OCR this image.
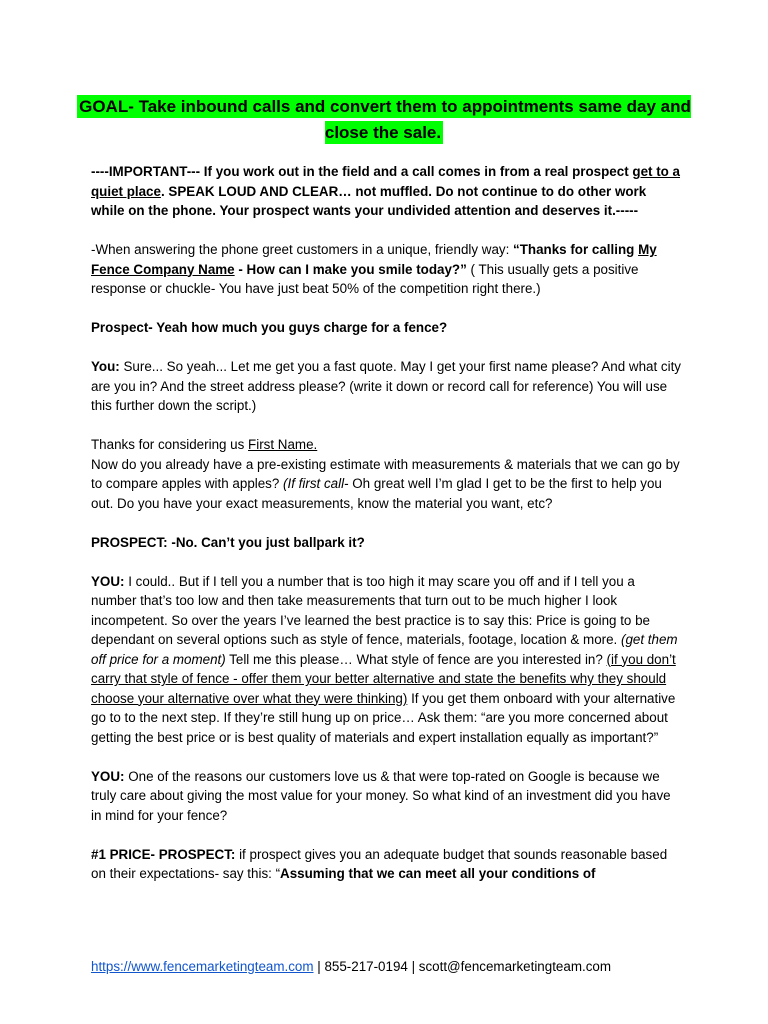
GOAL- Take inbound calls and convert them to appointments same day and close the sale.

----IMPORTANT--- If you work out in the field and a call comes in from a real prospect get to a quiet place. SPEAK LOUD AND CLEAR… not muffled. Do not continue to do other work while on the phone. Your prospect wants your undivided attention and deserves it.-----

-When answering the phone greet customers in a unique, friendly way: “Thanks for calling My Fence Company Name - How can I make you smile today?” ( This usually gets a positive response or chuckle- You have just beat 50% of the competition right there.)

Prospect- Yeah how much you guys charge for a fence?

You: Sure... So yeah... Let me get you a fast quote. May I get your first name please? And what city are you in? And the street address please? (write it down or record call for reference) You will use this further down the script.)

Thanks for considering us First Name.
Now do you already have a pre-existing estimate with measurements & materials that we can go by to compare apples with apples? (If first call- Oh great well I’m glad I get to be the first to help you out. Do you have your exact measurements, know the material you want, etc?

PROSPECT: -No. Can’t you just ballpark it?

YOU: I could.. But if I tell you a number that is too high it may scare you off and if I tell you a number that’s too low and then take measurements that turn out to be much higher I look incompetent. So over the years I’ve learned the best practice is to say this: Price is going to be dependant on several options such as style of fence, materials, footage, location & more. (get them off price for a moment) Tell me this please… What style of fence are you interested in? (if you don’t carry that style of fence - offer them your better alternative and state the benefits why they should choose your alternative over what they were thinking) If you get them onboard with your alternative go to to the next step. If they’re still hung up on price… Ask them: “are you more concerned about getting the best price or is best quality of materials and expert installation equally as important?”

YOU: One of the reasons our customers love us & that were top-rated on Google is because we truly care about giving the most value for your money. So what kind of an investment did you have in mind for your fence?

#1 PRICE- PROSPECT: if prospect gives you an adequate budget that sounds reasonable based on their expectations- say this: “Assuming that we can meet all your conditions of

https://www.fencemarketingteam.com | 855-217-0194 | scott@fencemarketingteam.com
